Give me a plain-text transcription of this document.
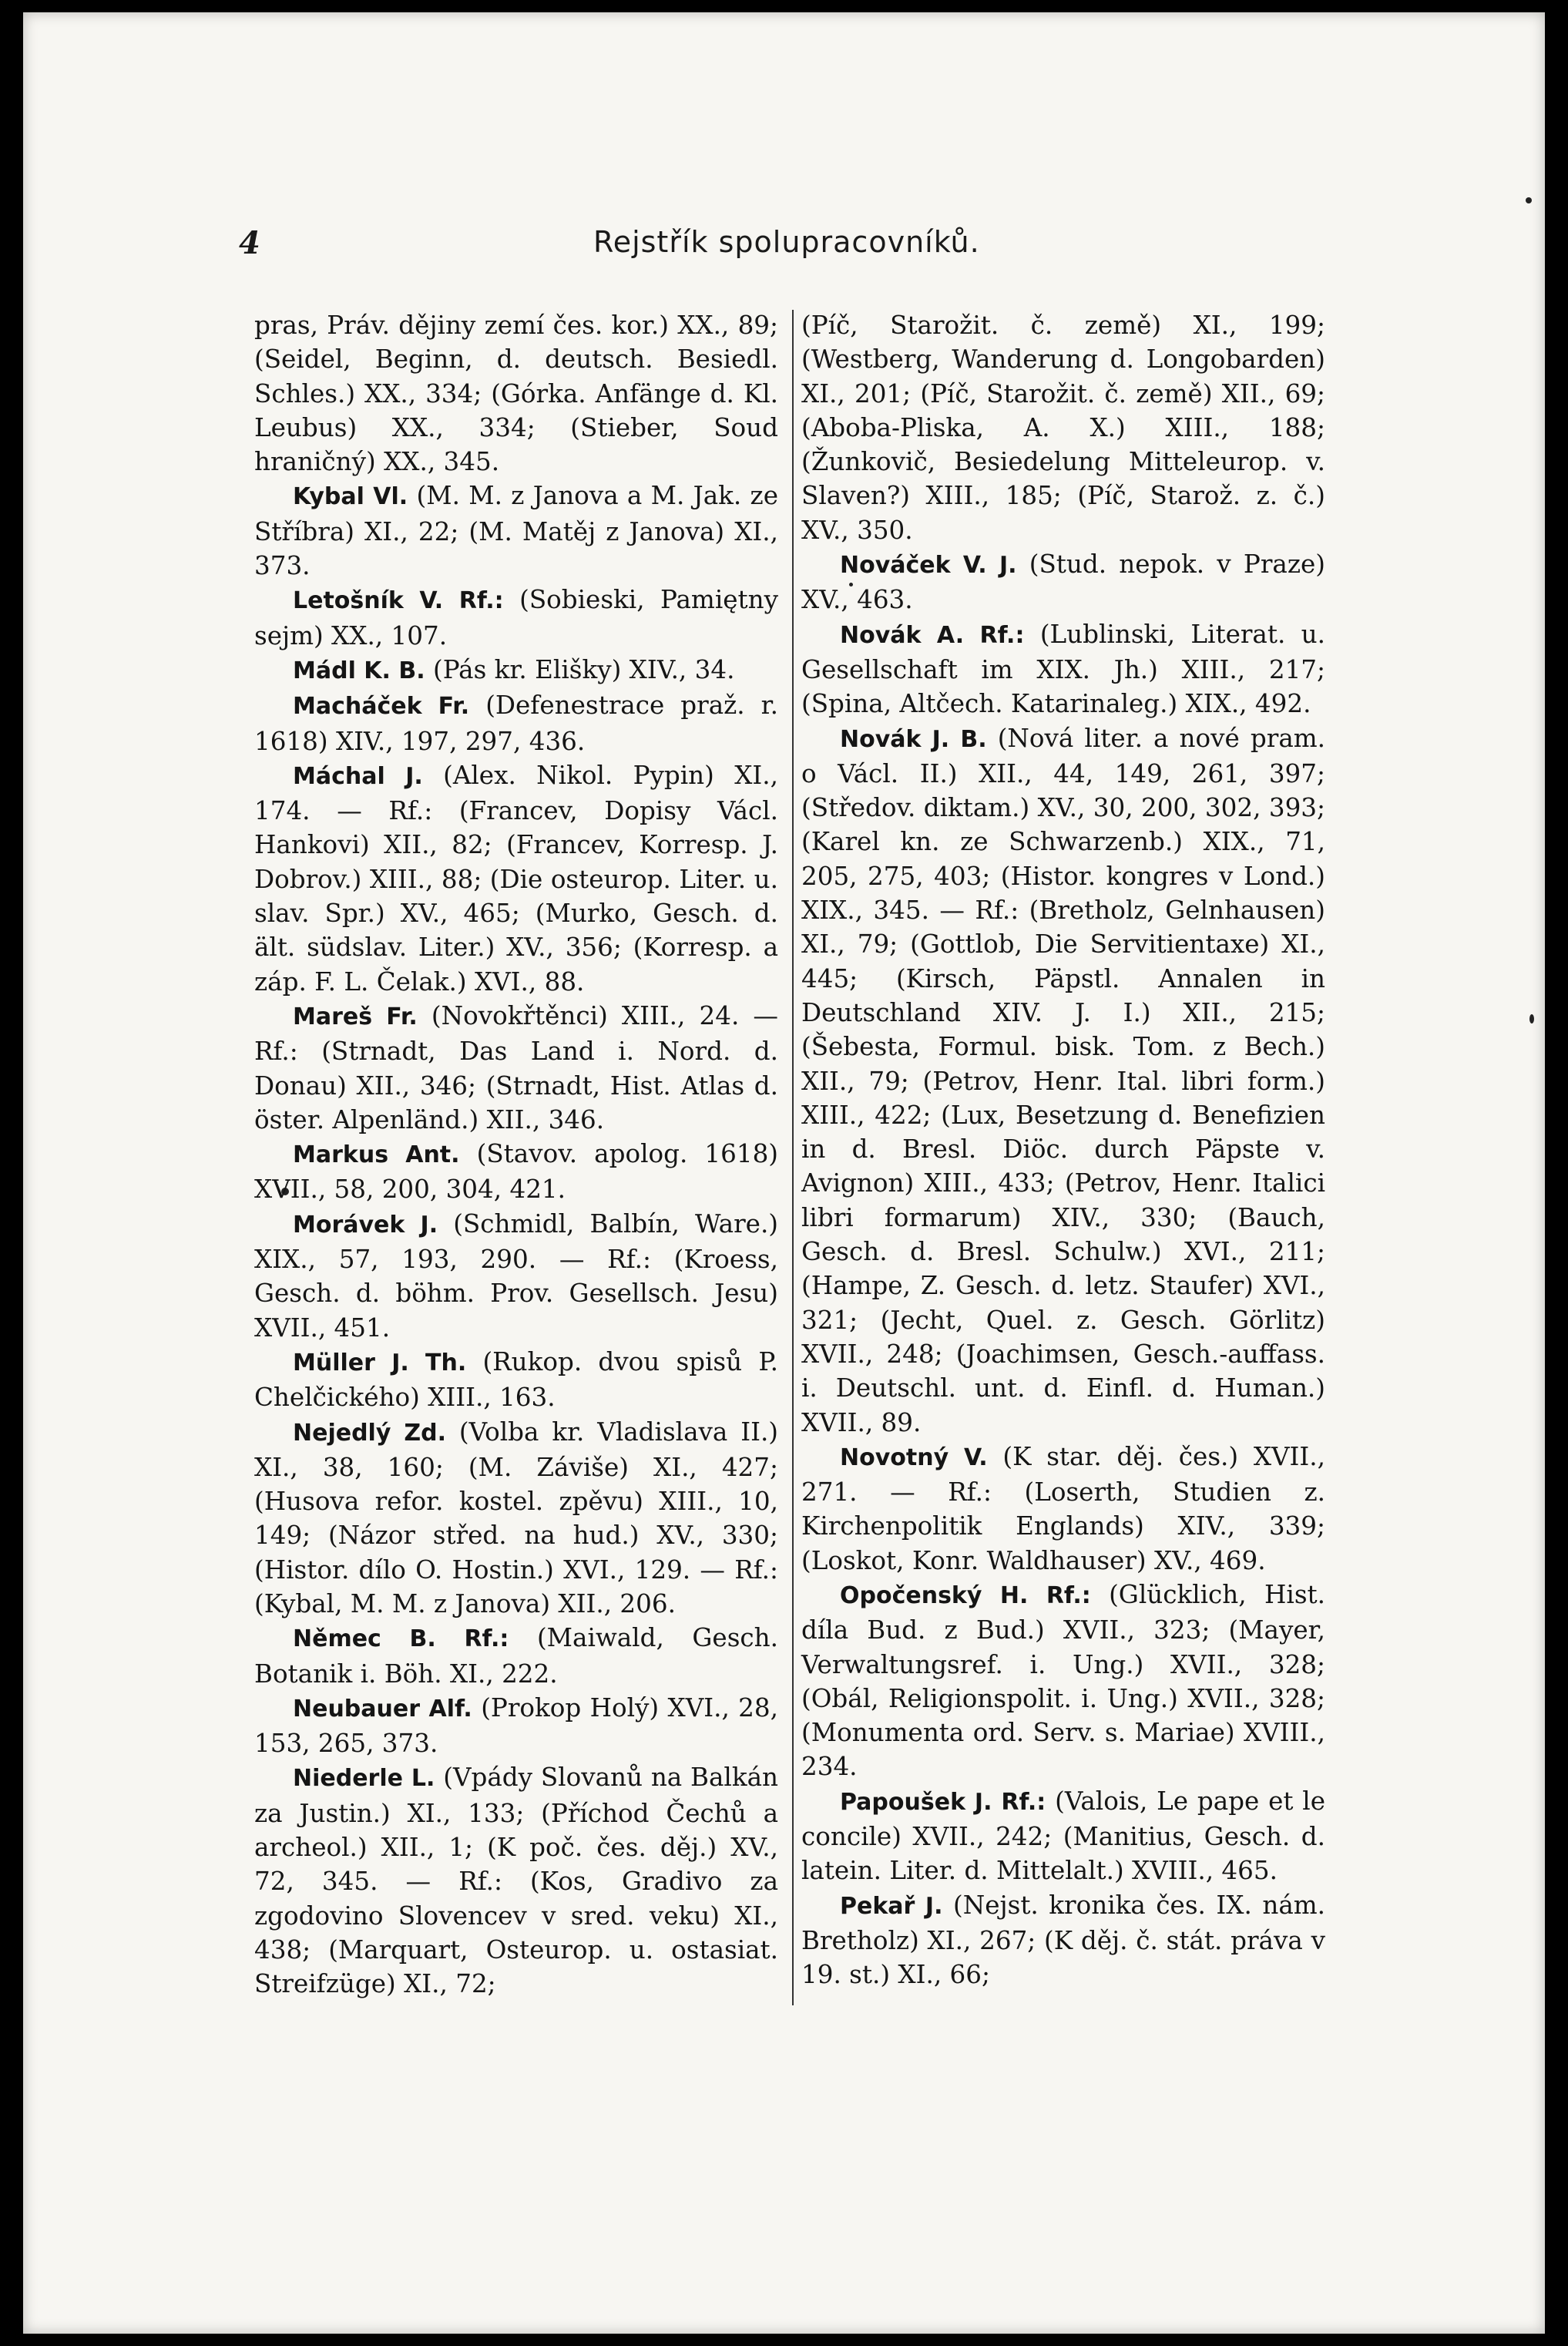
4	Rejstřík spolupracovníků.

pras, Práv. dějiny zemí čes. kor.) XX., 89; (Seidel, Beginn, d. deutsch. Besiedl. Schles.) XX., 334; (Górka. Anfänge d. Kl. Leubus) XX., 334; (Stieber, Soud hraničný) XX., 345.

Kybal Vl. (M. M. z Janova a M. Jak. ze Stříbra) XI., 22; (M. Matěj z Janova) XI., 373.

Letošník V. Rf.: (Sobieski, Pamiętny sejm) XX., 107.

Mádl K. B. (Pás kr. Elišky) XIV., 34.

Macháček Fr. (Defenestrace praž. r. 1618) XIV., 197, 297, 436.

Máchal J. (Alex. Nikol. Pypin) XI., 174. — Rf.: (Francev, Dopisy Václ. Hankovi) XII., 82; (Francev, Korresp. J. Dobrov.) XIII., 88; (Die osteurop. Liter. u. slav. Spr.) XV., 465; (Murko, Gesch. d. ält. südslav. Liter.) XV., 356; (Korresp. a záp. F. L. Čelak.) XVI., 88.

Mareš Fr. (Novokřtěnci) XIII., 24. — Rf.: (Strnadt, Das Land i. Nord. d. Donau) XII., 346; (Strnadt, Hist. Atlas d. öster. Alpenländ.) XII., 346.

Markus Ant. (Stavov. apolog. 1618) XVII., 58, 200, 304, 421.

Morávek J. (Schmidl, Balbín, Ware.) XIX., 57, 193, 290. — Rf.: (Kroess, Gesch. d. böhm. Prov. Gesellsch. Jesu) XVII., 451.

Müller J. Th. (Rukop. dvou spisů P. Chelčického) XIII., 163.

Nejedlý Zd. (Volba kr. Vladislava II.) XI., 38, 160; (M. Záviše) XI., 427; (Husova refor. kostel. zpěvu) XIII., 10, 149; (Názor střed. na hud.) XV., 330; (Histor. dílo O. Hostin.) XVI., 129. — Rf.: (Kybal, M. M. z Janova) XII., 206.

Němec B. Rf.: (Maiwald, Gesch. Botanik i. Böh. XI., 222.

Neubauer Alf. (Prokop Holý) XVI., 28, 153, 265, 373.

Niederle L. (Vpády Slovanů na Balkán za Justin.) XI., 133; (Příchod Čechů a archeol.) XII., 1; (K poč. čes. děj.) XV., 72, 345. — Rf.: (Kos, Gradivo za zgodovino Slovencev v sred. veku) XI., 438; (Marquart, Osteurop. u. ostasiat. Streifzüge) XI., 72;

(Píč, Starožit. č. země) XI., 199; (Westberg, Wanderung d. Longobarden) XI., 201; (Píč, Starožit. č. země) XII., 69; (Aboba-Pliska, A. X.) XIII., 188; (Žunkovič, Besiedelung Mitteleurop. v. Slaven?) XIII., 185; (Píč, Starož. z. č.) XV., 350.

Nováček V. J. (Stud. nepok. v Praze) XV., 463.

Novák A. Rf.: (Lublinski, Literat. u. Gesellschaft im XIX. Jh.) XIII., 217; (Spina, Altčech. Katarinaleg.) XIX., 492.

Novák J. B. (Nová liter. a nové pram. o Václ. II.) XII., 44, 149, 261, 397; (Středov. diktam.) XV., 30, 200, 302, 393; (Karel kn. ze Schwarzenb.) XIX., 71, 205, 275, 403; (Histor. kongres v Lond.) XIX., 345. — Rf.: (Bretholz, Gelnhausen) XI., 79; (Gottlob, Die Servitientaxe) XI., 445; (Kirsch, Päpstl. Annalen in Deutschland XIV. J. I.) XII., 215; (Šebesta, Formul. bisk. Tom. z Bech.) XII., 79; (Petrov, Henr. Ital. libri form.) XIII., 422; (Lux, Besetzung d. Benefizien in d. Bresl. Diöc. durch Päpste v. Avignon) XIII., 433; (Petrov, Henr. Italici libri formarum) XIV., 330; (Bauch, Gesch. d. Bresl. Schulw.) XVI., 211; (Hampe, Z. Gesch. d. letz. Staufer) XVI., 321; (Jecht, Quel. z. Gesch. Görlitz) XVII., 248; (Joachimsen, Gesch.-auffass. i. Deutschl. unt. d. Einfl. d. Human.) XVII., 89.

Novotný V. (K star. děj. čes.) XVII., 271. — Rf.: (Loserth, Studien z. Kirchenpolitik Englands) XIV., 339; (Loskot, Konr. Waldhauser) XV., 469.

Opočenský H. Rf.: (Glücklich, Hist. díla Bud. z Bud.) XVII., 323; (Mayer, Verwaltungsref. i. Ung.) XVII., 328; (Obál, Religionspolit. i. Ung.) XVII., 328; (Monumenta ord. Serv. s. Mariae) XVIII., 234.

Papoušek J. Rf.: (Valois, Le pape et le concile) XVII., 242; (Manitius, Gesch. d. latein. Liter. d. Mittelalt.) XVIII., 465.

Pekař J. (Nejst. kronika čes. IX. nám. Bretholz) XI., 267; (K děj. č. stát. práva v 19. st.) XI., 66;
